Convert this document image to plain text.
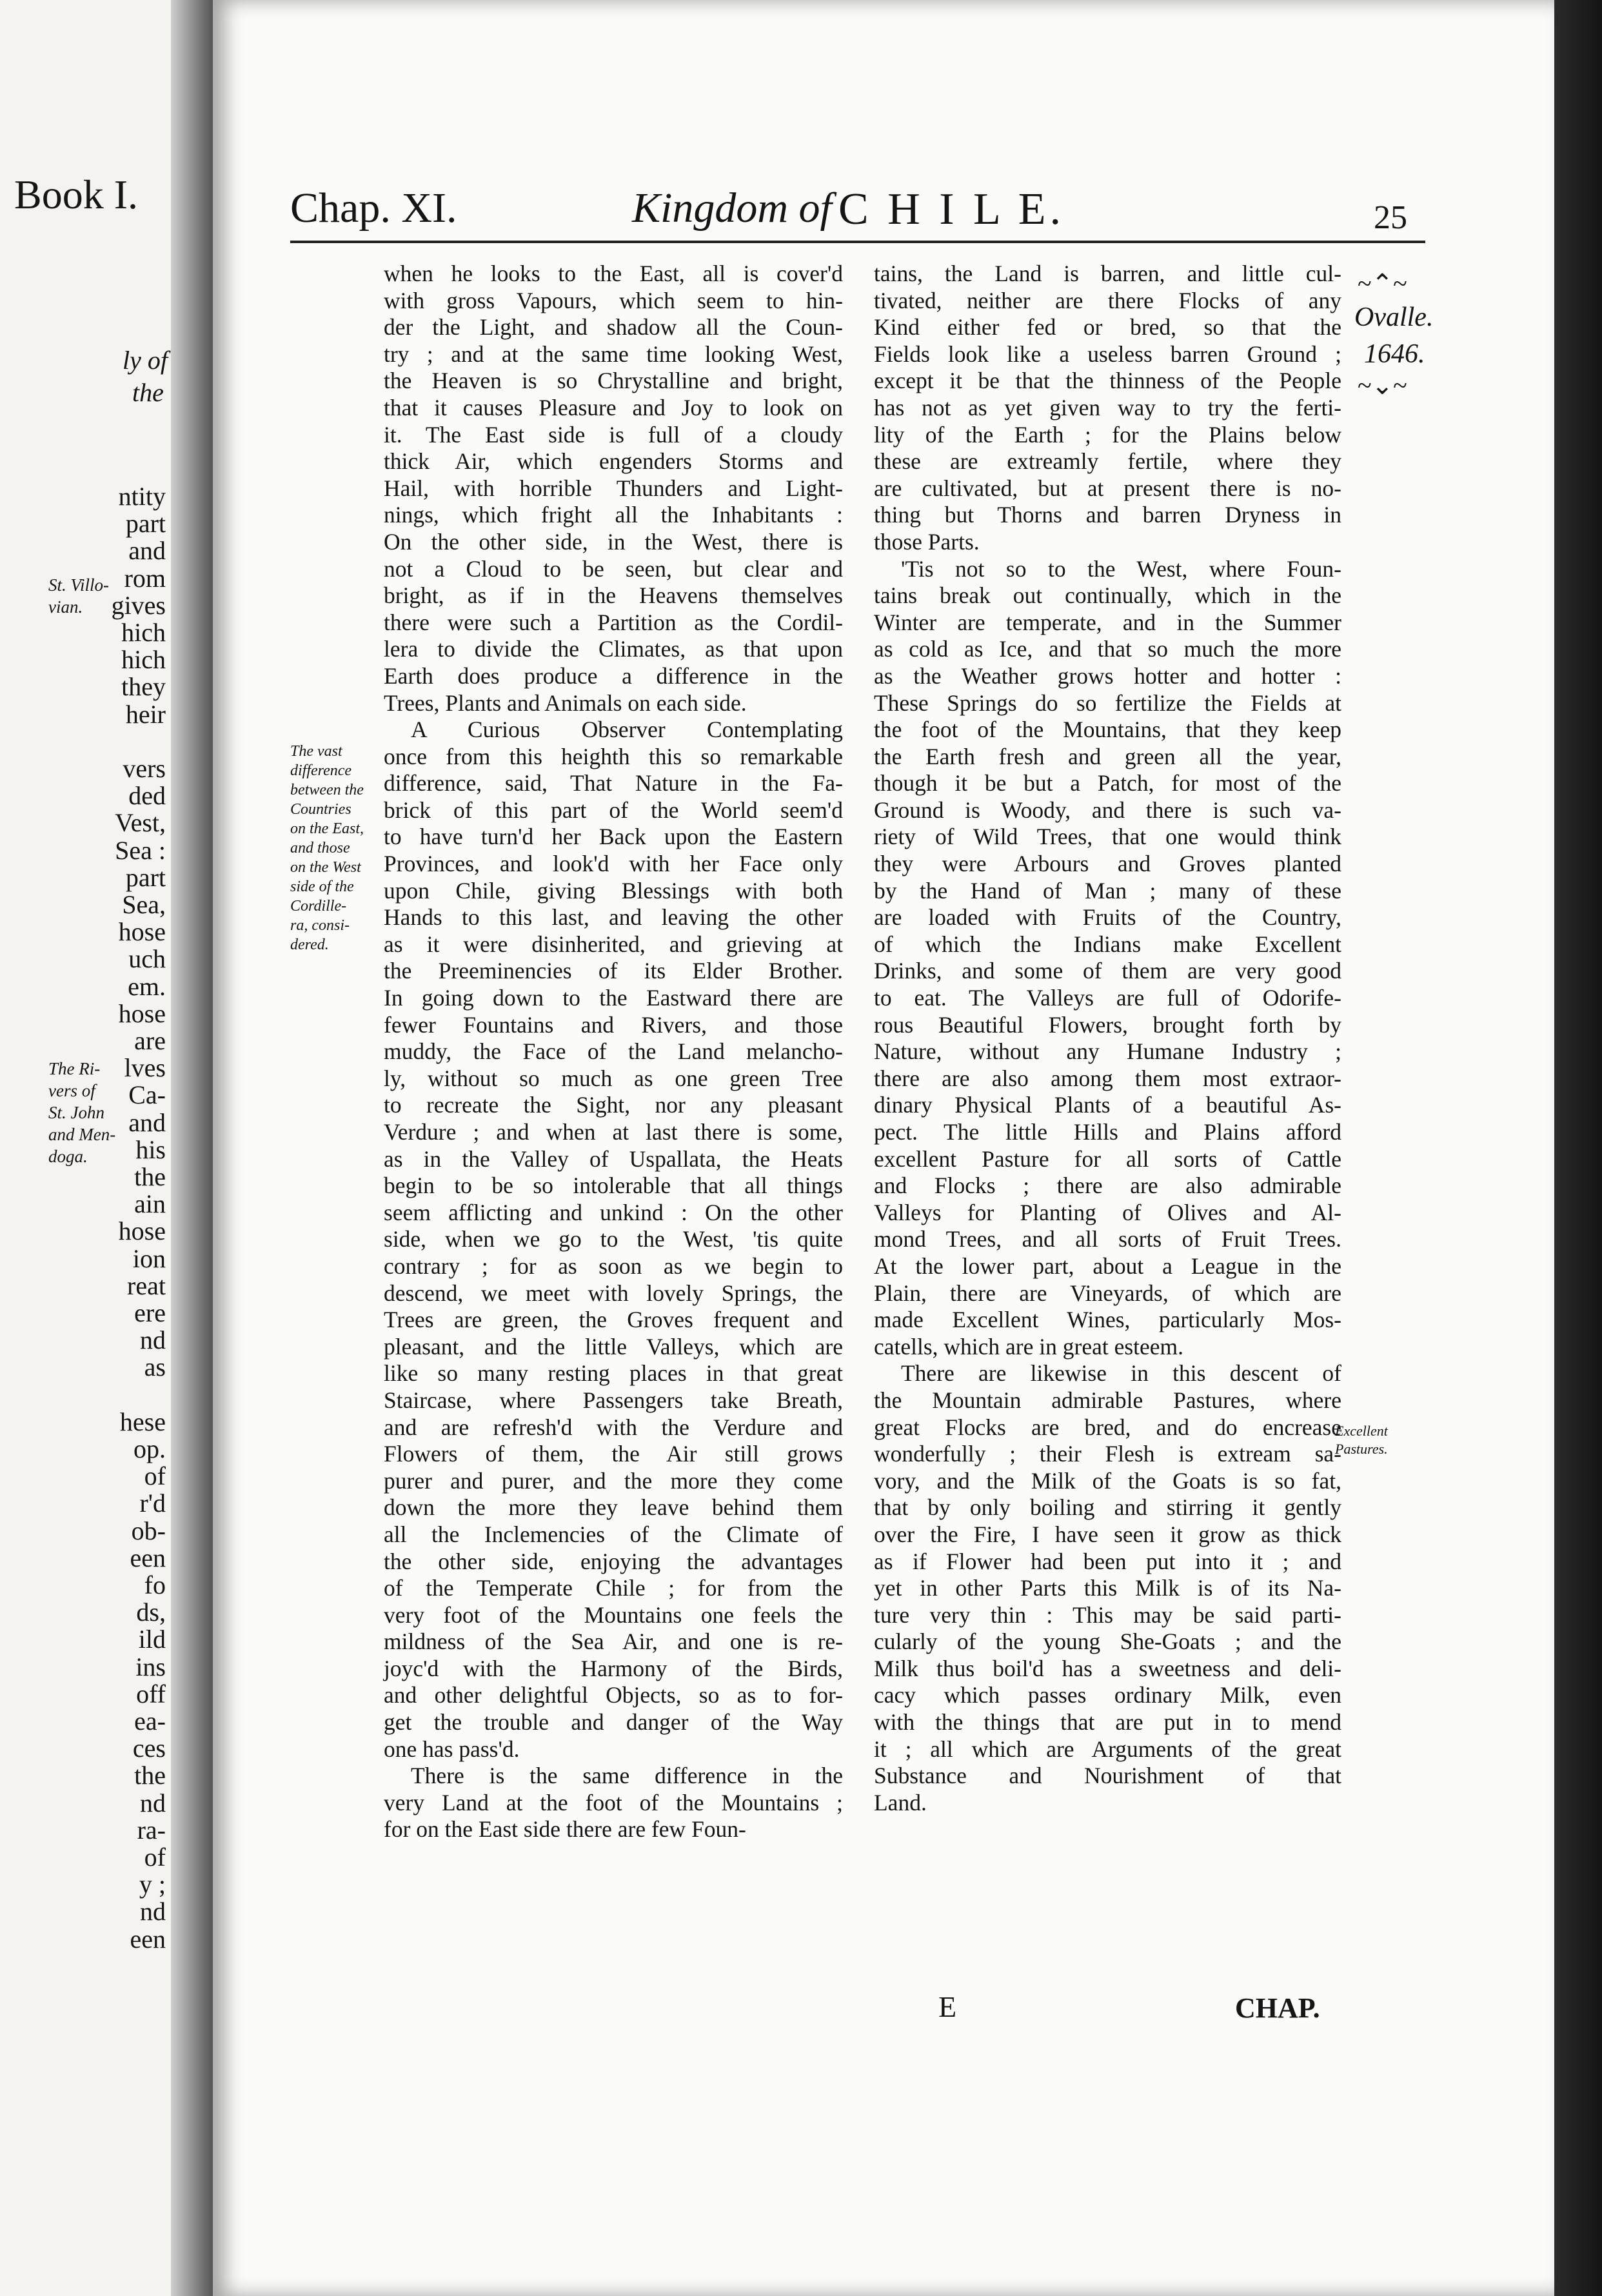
Book I.
ly of
the
ntity
part
and
rom
gives
hich
hich
they
heir
vers
ded
Vest,
Sea :
part
Sea,
hose
uch
em.
hose
are
lves
Ca-
and
his
the
ain
hose
ion
reat
ere
nd
as
hese
op.
of
r'd
ob-
een
fo
ds,
ild
ins
off
ea-
ces
the
nd
ra-
of
y ;
nd
een
St. Villo-
vian.
The Ri-
vers of
St. John
and Men-
doga.
Chap. XI.	Kingdom of C H I L E.	25
~⌃~
Ovalle.
1646.
~⌄~
Excellent
Pastures.
The vast
difference
between the
Countries
on the East,
and those
on the West
side of the
Cordille-
ra, consi-
dered.
when he looks to the East, all is cover'd
with gross Vapours, which seem to hin-
der the Light, and shadow all the Coun-
try ; and at the same time looking West,
the Heaven is so Chrystalline and bright,
that it causes Pleasure and Joy to look on
it. The East side is full of a cloudy
thick Air, which engenders Storms and
Hail, with horrible Thunders and Light-
nings, which fright all the Inhabitants :
On the other side, in the West, there is
not a Cloud to be seen, but clear and
bright, as if in the Heavens themselves
there were such a Partition as the Cordil-
lera to divide the Climates, as that upon
Earth does produce a difference in the
Trees, Plants and Animals on each side.
A Curious Observer Contemplating
once from this heighth this so remarkable
difference, said, That Nature in the Fa-
brick of this part of the World seem'd
to have turn'd her Back upon the Eastern
Provinces, and look'd with her Face only
upon Chile, giving Blessings with both
Hands to this last, and leaving the other
as it were disinherited, and grieving at
the Preeminencies of its Elder Brother.
In going down to the Eastward there are
fewer Fountains and Rivers, and those
muddy, the Face of the Land melancho-
ly, without so much as one green Tree
to recreate the Sight, nor any pleasant
Verdure ; and when at last there is some,
as in the Valley of Uspallata, the Heats
begin to be so intolerable that all things
seem afflicting and unkind : On the other
side, when we go to the West, 'tis quite
contrary ; for as soon as we begin to
descend, we meet with lovely Springs, the
Trees are green, the Groves frequent and
pleasant, and the little Valleys, which are
like so many resting places in that great
Staircase, where Passengers take Breath,
and are refresh'd with the Verdure and
Flowers of them, the Air still grows
purer and purer, and the more they come
down the more they leave behind them
all the Inclemencies of the Climate of
the other side, enjoying the advantages
of the Temperate Chile ; for from the
very foot of the Mountains one feels the
mildness of the Sea Air, and one is re-
joyc'd with the Harmony of the Birds,
and other delightful Objects, so as to for-
get the trouble and danger of the Way
one has pass'd.
There is the same difference in the
very Land at the foot of the Mountains ;
for on the East side there are few Foun-
tains, the Land is barren, and little cul-
tivated, neither are there Flocks of any
Kind either fed or bred, so that the
Fields look like a useless barren Ground ;
except it be that the thinness of the People
has not as yet given way to try the ferti-
lity of the Earth ; for the Plains below
these are extreamly fertile, where they
are cultivated, but at present there is no-
thing but Thorns and barren Dryness in
those Parts.
'Tis not so to the West, where Foun-
tains break out continually, which in the
Winter are temperate, and in the Summer
as cold as Ice, and that so much the more
as the Weather grows hotter and hotter :
These Springs do so fertilize the Fields at
the foot of the Mountains, that they keep
the Earth fresh and green all the year,
though it be but a Patch, for most of the
Ground is Woody, and there is such va-
riety of Wild Trees, that one would think
they were Arbours and Groves planted
by the Hand of Man ; many of these
are loaded with Fruits of the Country,
of which the Indians make Excellent
Drinks, and some of them are very good
to eat. The Valleys are full of Odorife-
rous Beautiful Flowers, brought forth by
Nature, without any Humane Industry ;
there are also among them most extraor-
dinary Physical Plants of a beautiful As-
pect. The little Hills and Plains afford
excellent Pasture for all sorts of Cattle
and Flocks ; there are also admirable
Valleys for Planting of Olives and Al-
mond Trees, and all sorts of Fruit Trees.
At the lower part, about a League in the
Plain, there are Vineyards, of which are
made Excellent Wines, particularly Mos-
catells, which are in great esteem.
There are likewise in this descent of
the Mountain admirable Pastures, where
great Flocks are bred, and do encrease
wonderfully ; their Flesh is extream sa-
vory, and the Milk of the Goats is so fat,
that by only boiling and stirring it gently
over the Fire, I have seen it grow as thick
as if Flower had been put into it ; and
yet in other Parts this Milk is of its Na-
ture very thin : This may be said parti-
cularly of the young She-Goats ; and the
Milk thus boil'd has a sweetness and deli-
cacy which passes ordinary Milk, even
with the things that are put in to mend
it ; all which are Arguments of the great
Substance and Nourishment of that
Land.
E	CHAP.
